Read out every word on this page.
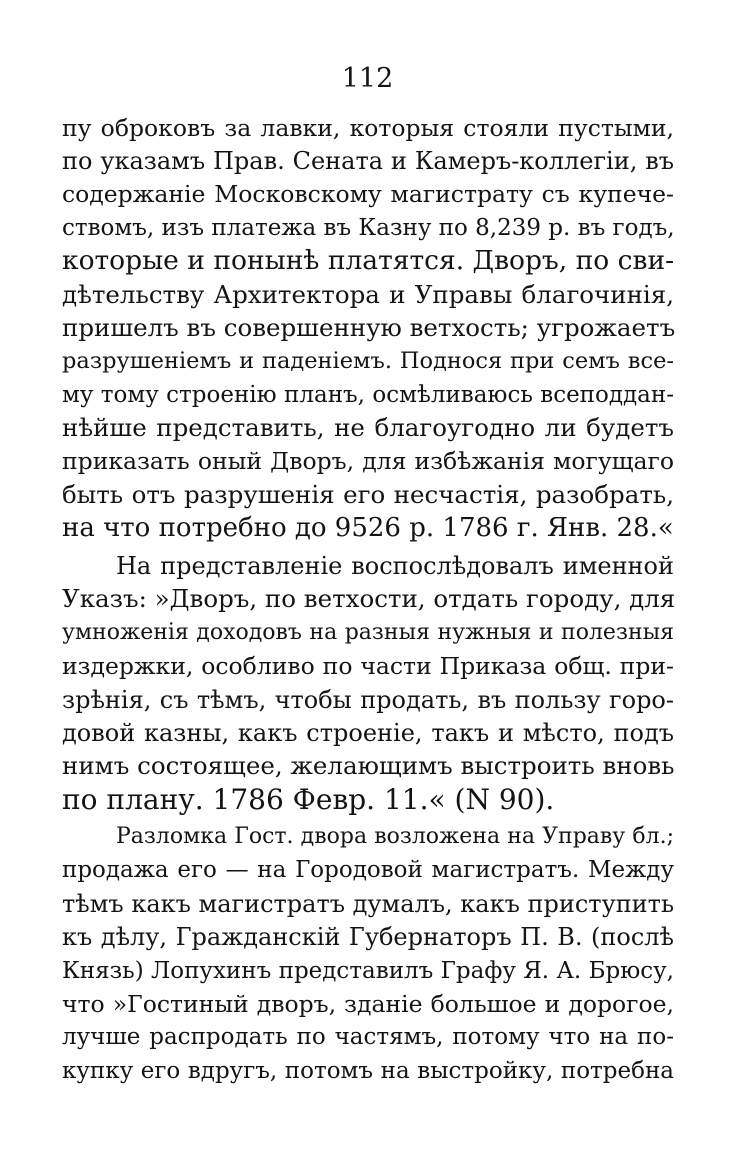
112
пу оброковъ за лавки, которыя стояли пустыми,
по указамъ Прав. Сената и Камеръ-коллегіи, въ
содержаніе Московскому магистрату съ купече-
ствомъ, изъ платежа въ Казну по 8,239 р. въ годъ,
которые и понынѣ платятся. Дворъ, по сви-
дѣтельству Архитектора и Управы благочинія,
пришелъ въ совершенную ветхость; угрожаетъ
разрушеніемъ и паденіемъ. Поднося при семъ все-
му тому строенію планъ, осмѣливаюсь всеподдан-
нѣйше представить, не благоугодно ли будетъ
приказать оный Дворъ, для избѣжанія могущаго
быть отъ разрушенія его несчастія, разобрать,
на что потребно до 9526 р. 1786 г. Янв. 28.«
На представленіе воспослѣдовалъ именной
Указъ: »Дворъ, по ветхости, отдать городу, для
умноженія доходовъ на разныя нужныя и полезныя
издержки, особливо по части Приказа общ. при-
зрѣнія, съ тѣмъ, чтобы продать, въ пользу горо-
довой казны, какъ строеніе, такъ и мѣсто, подъ
нимъ состоящее, желающимъ выстроить вновь
по плану. 1786 Февр. 11.« (N 90).
Разломка Гост. двора возложена на Управу бл.;
продажа его — на Городовой магистратъ. Между
тѣмъ какъ магистратъ думалъ, какъ приступить
къ дѣлу, Гражданскій Губернаторъ П. В. (послѣ
Князь) Лопухинъ представилъ Графу Я. А. Брюсу,
что »Гостиный дворъ, зданіе большое и дорогое,
лучше распродать по частямъ, потому что на по-
купку его вдругъ, потомъ на выстройку, потребна
